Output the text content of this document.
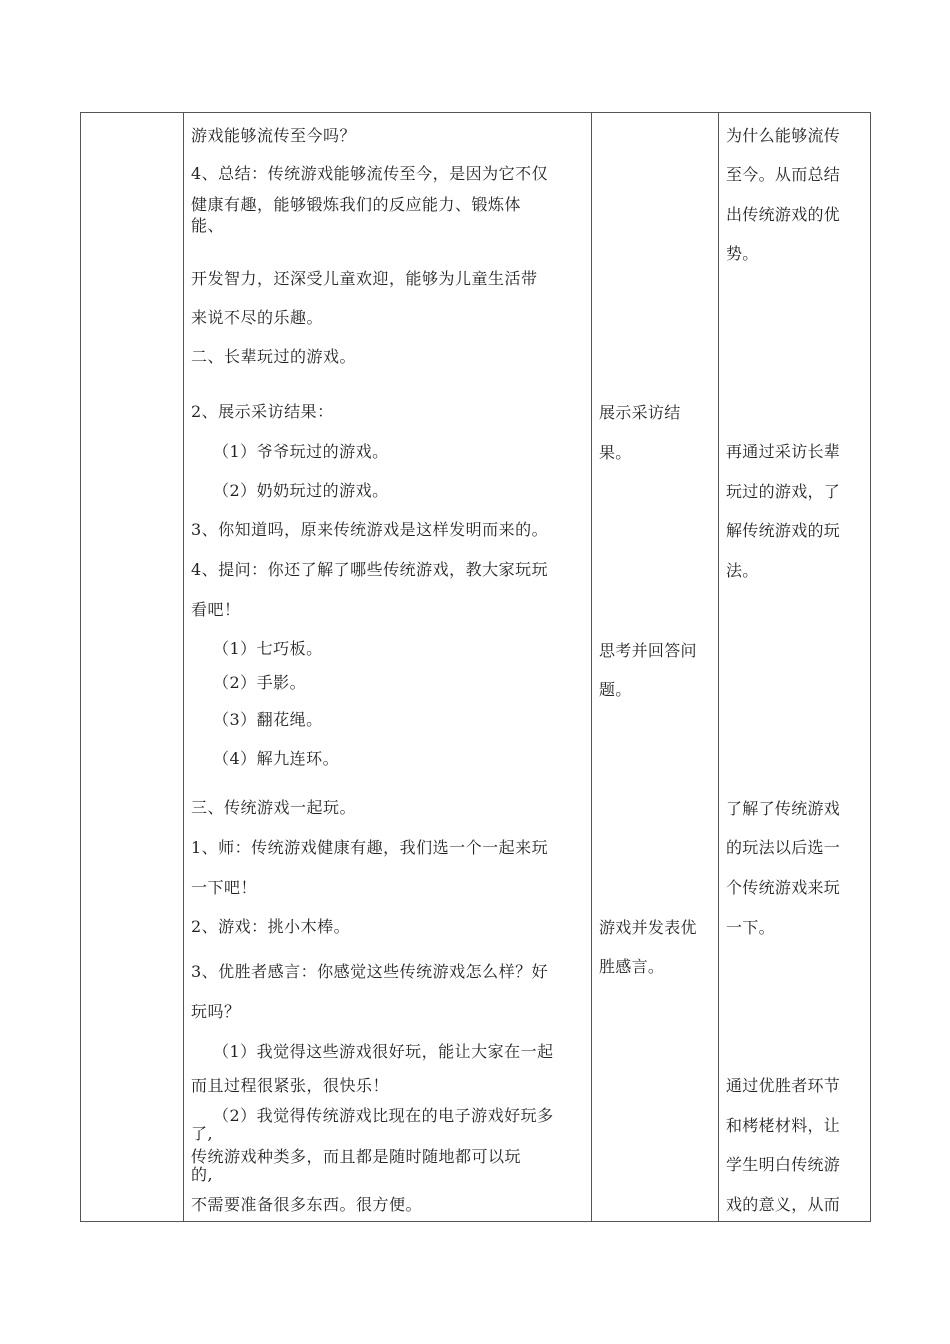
游戏能够流传至今吗？
4、总结：传统游戏能够流传至今，是因为它不仅
健康有趣，能够锻炼我们的反应能力、锻炼体
能、
开发智力，还深受儿童欢迎，能够为儿童生活带
来说不尽的乐趣。
二、长辈玩过的游戏。
2、展示采访结果：
（1）爷爷玩过的游戏。
（2）奶奶玩过的游戏。
3、你知道吗，原来传统游戏是这样发明而来的。
4、提问：你还了解了哪些传统游戏，教大家玩玩
看吧！
（1）七巧板。
（2）手影。
（3）翻花绳。
（4）解九连环。
三、传统游戏一起玩。
1、师：传统游戏健康有趣，我们选一个一起来玩
一下吧！
2、游戏：挑小木棒。
3、优胜者感言：你感觉这些传统游戏怎么样？好
玩吗？
（1）我觉得这些游戏很好玩，能让大家在一起
而且过程很紧张，很快乐！
（2）我觉得传统游戏比现在的电子游戏好玩多
了,
传统游戏种类多，而且都是随时随地都可以玩
的,
不需要准备很多东西。很方便。
展示采访结
果。
思考并回答问
题。
游戏并发表优
胜感言。
为什么能够流传
至今。从而总结
出传统游戏的优
势。
再通过采访长辈
玩过的游戏，了
解传统游戏的玩
法。
了解了传统游戏
的玩法以后选一
个传统游戏来玩
一下。
通过优胜者环节
和栲栳材料，让
学生明白传统游
戏的意义，从而
